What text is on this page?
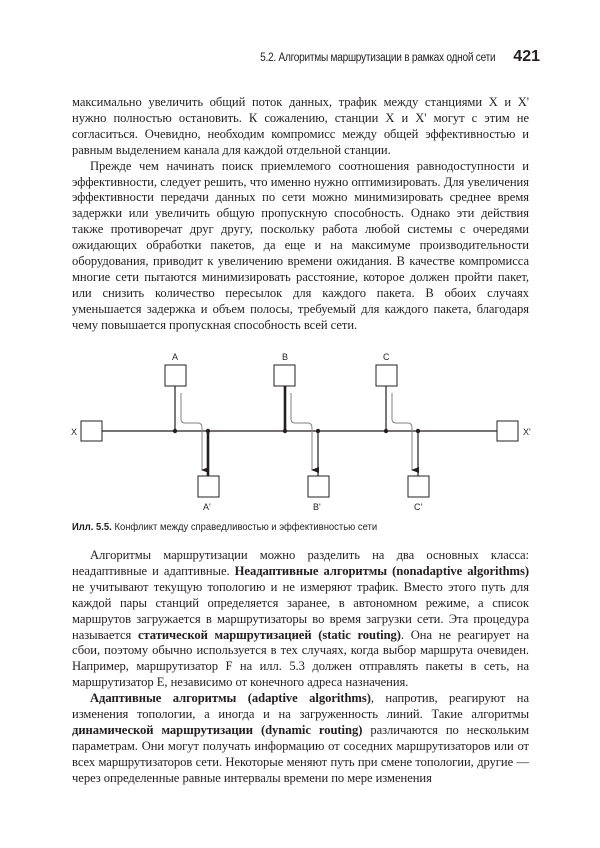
5.2. Алгоритмы маршрутизации в рамках одной сети 421

максимально увеличить общий поток данных, трафик между станциями X и X' нужно полностью остановить. К сожалению, станции X и X' могут с этим не согласиться. Очевидно, необходим компромисс между общей эффективностью и равным выделением канала для каждой отдельной станции.

Прежде чем начинать поиск приемлемого соотношения равнодоступности и эффективности, следует решить, что именно нужно оптимизировать. Для увеличения эффективности передачи данных по сети можно минимизировать среднее время задержки или увеличить общую пропускную способность. Однако эти действия также противоречат друг другу, поскольку работа любой системы с очередями ожидающих обработки пакетов, да еще и на максимуме производительности оборудования, приводит к увеличению времени ожидания. В качестве компромисса многие сети пытаются минимизировать расстояние, которое должен пройти пакет, или снизить количество пересылок для каждого пакета. В обоих случаях уменьшается задержка и объем полосы, требуемый для каждого пакета, благодаря чему повышается пропускная способность всей сети.

X	X'
A
A'
B
B'
C
C'
Илл. 5.5. Конфликт между справедливостью и эффективностью сети

Алгоритмы маршрутизации можно разделить на два основных класса: неадаптивные и адаптивные. Неадаптивные алгоритмы (nonadaptive algorithms) не учитывают текущую топологию и не измеряют трафик. Вместо этого путь для каждой пары станций определяется заранее, в автономном режиме, а список маршрутов загружается в маршрутизаторы во время загрузки сети. Эта процедура называется статической маршрутизацией (static routing). Она не реагирует на сбои, поэтому обычно используется в тех случаях, когда выбор маршрута очевиден. Например, маршрутизатор F на илл. 5.3 должен отправлять пакеты в сеть, на маршрутизатор E, независимо от конечного адреса назначения.

Адаптивные алгоритмы (adaptive algorithms), напротив, реагируют на изменения топологии, а иногда и на загруженность линий. Такие алгоритмы динамической маршрутизации (dynamic routing) различаются по нескольким параметрам. Они могут получать информацию от соседних маршрутизаторов или от всех маршрутизаторов сети. Некоторые меняют путь при смене топологии, другие — через определенные равные интервалы времени по мере изменения
